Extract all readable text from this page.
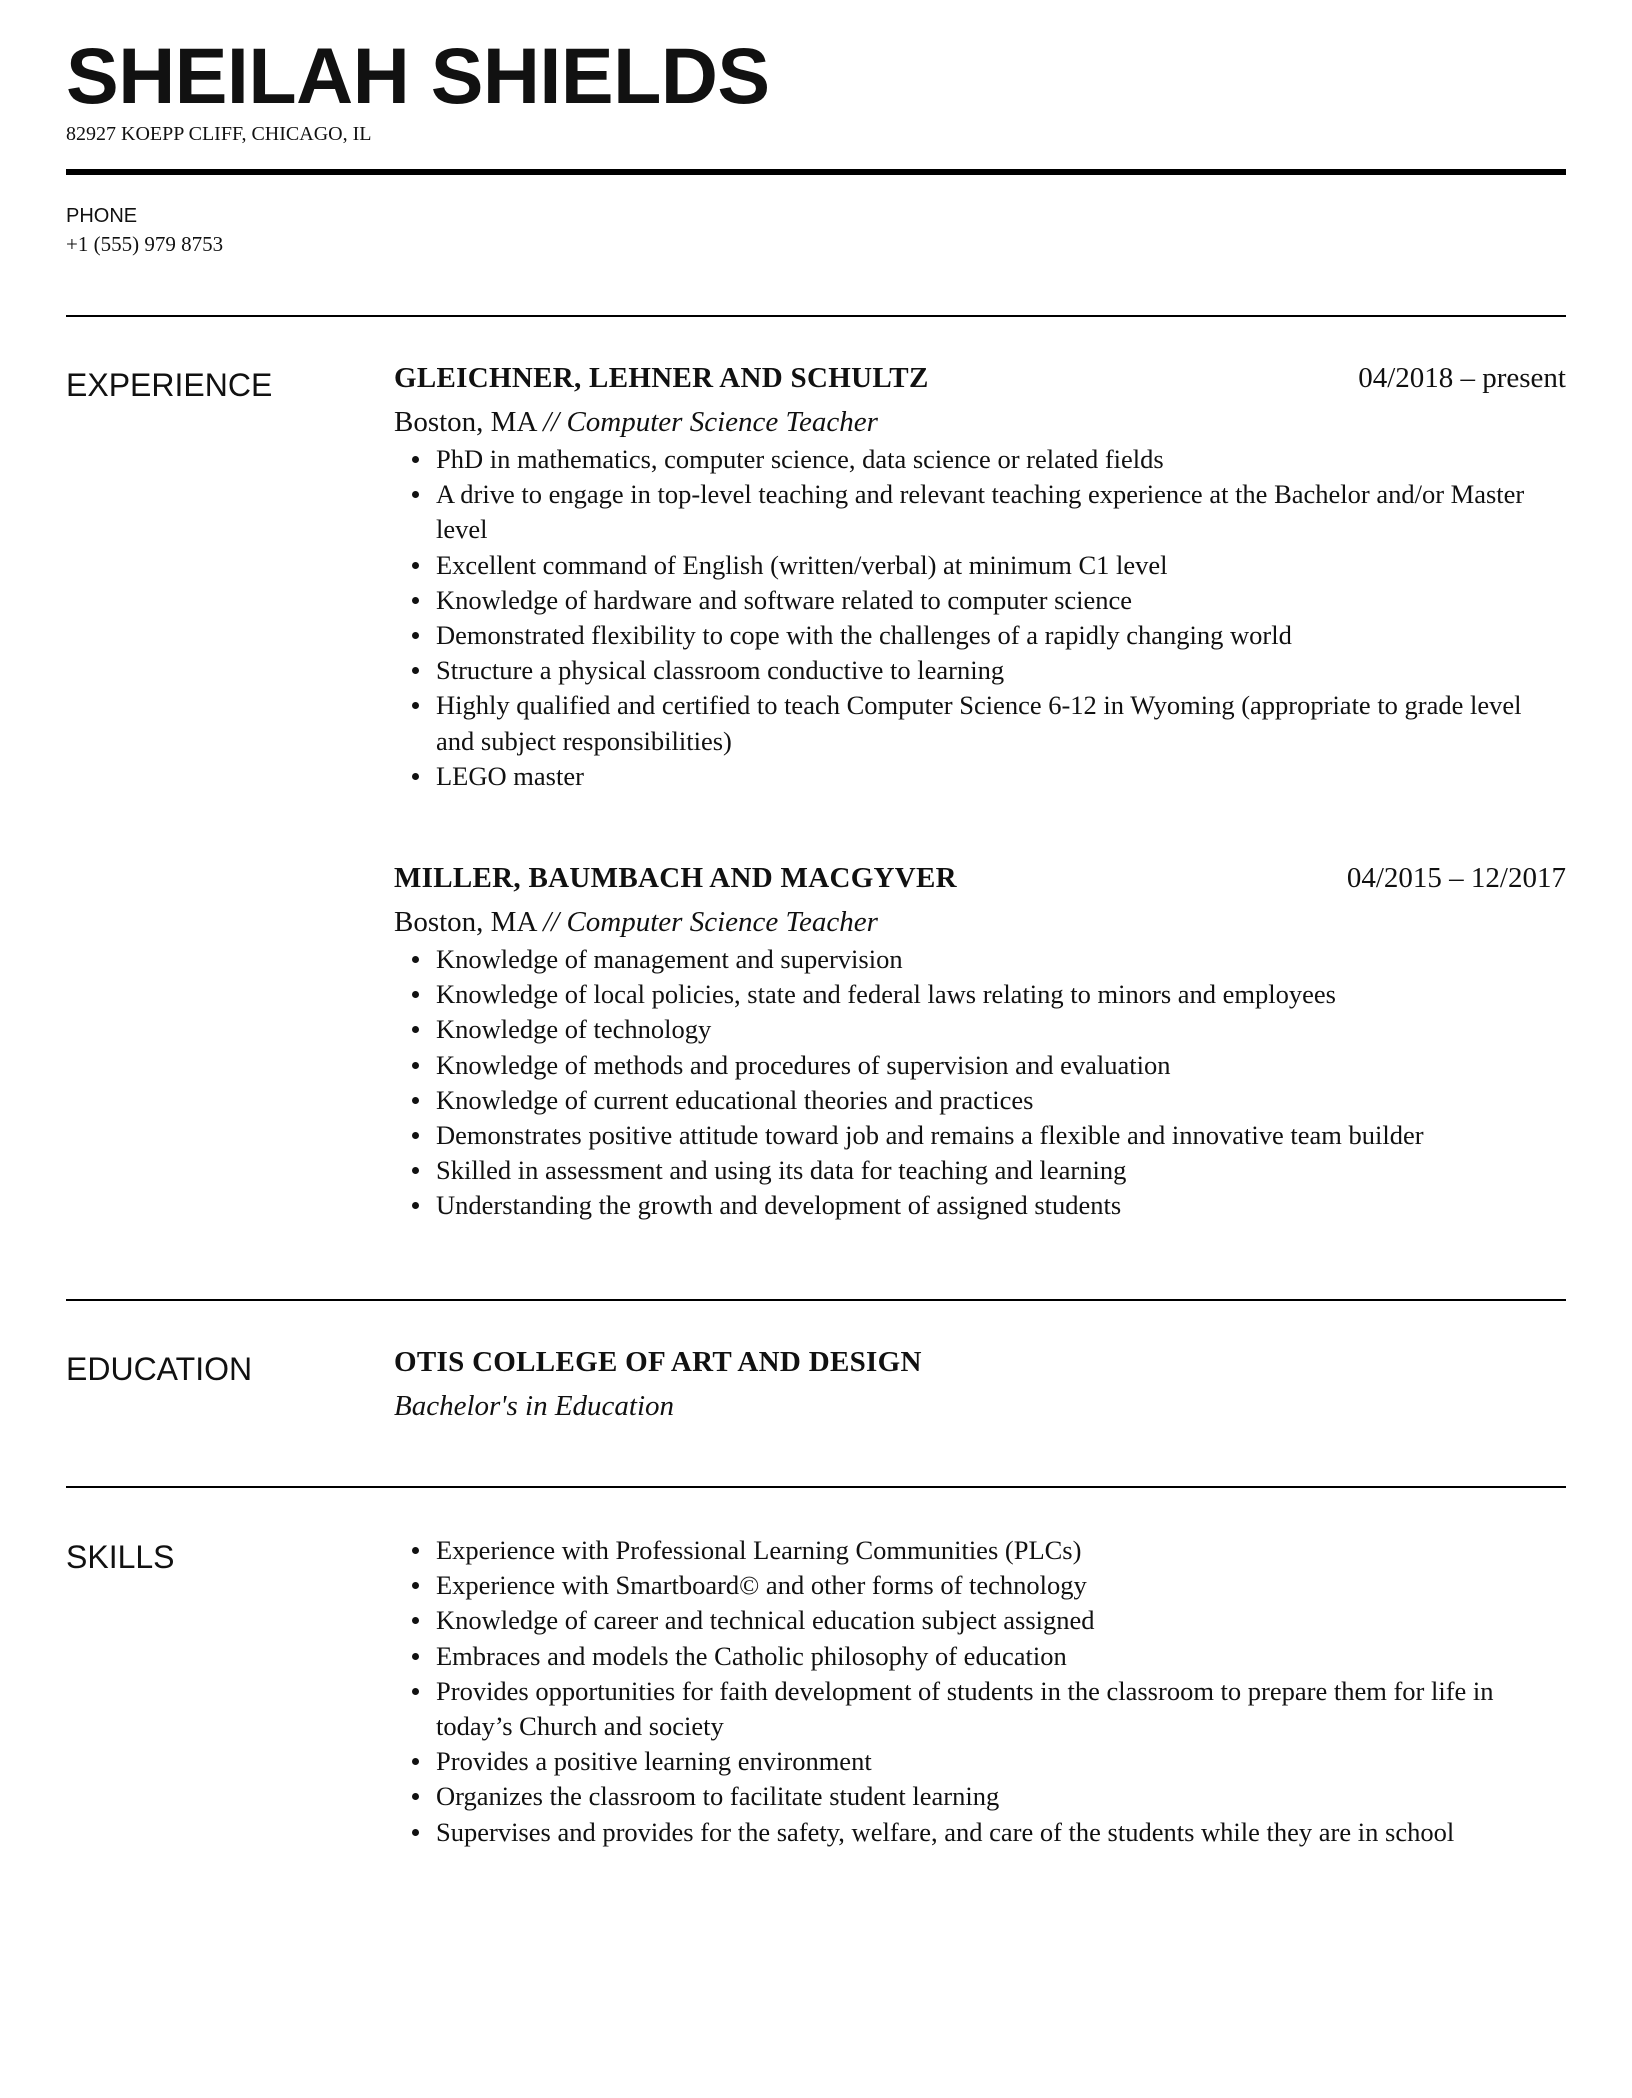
SHEILAH SHIELDS
82927 KOEPP CLIFF, CHICAGO, IL
PHONE
+1 (555) 979 8753
EXPERIENCE	GLEICHNER, LEHNER AND SCHULTZ	04/2018 – present
Boston, MA // Computer Science Teacher
PhD in mathematics, computer science, data science or related fields
A drive to engage in top-level teaching and relevant teaching experience at the Bachelor and/or Master level
Excellent command of English (written/verbal) at minimum C1 level
Knowledge of hardware and software related to computer science
Demonstrated flexibility to cope with the challenges of a rapidly changing world
Structure a physical classroom conductive to learning
Highly qualified and certified to teach Computer Science 6-12 in Wyoming (appropriate to grade level and subject responsibilities)
LEGO master
MILLER, BAUMBACH AND MACGYVER	04/2015 – 12/2017
Boston, MA // Computer Science Teacher
Knowledge of management and supervision
Knowledge of local policies, state and federal laws relating to minors and employees
Knowledge of technology
Knowledge of methods and procedures of supervision and evaluation
Knowledge of current educational theories and practices
Demonstrates positive attitude toward job and remains a flexible and innovative team builder
Skilled in assessment and using its data for teaching and learning
Understanding the growth and development of assigned students
EDUCATION	OTIS COLLEGE OF ART AND DESIGN
Bachelor's in Education
SKILLS	Experience with Professional Learning Communities (PLCs)
Experience with Smartboard© and other forms of technology
Knowledge of career and technical education subject assigned
Embraces and models the Catholic philosophy of education
Provides opportunities for faith development of students in the classroom to prepare them for life in today’s Church and society
Provides a positive learning environment
Organizes the classroom to facilitate student learning
Supervises and provides for the safety, welfare, and care of the students while they are in school
